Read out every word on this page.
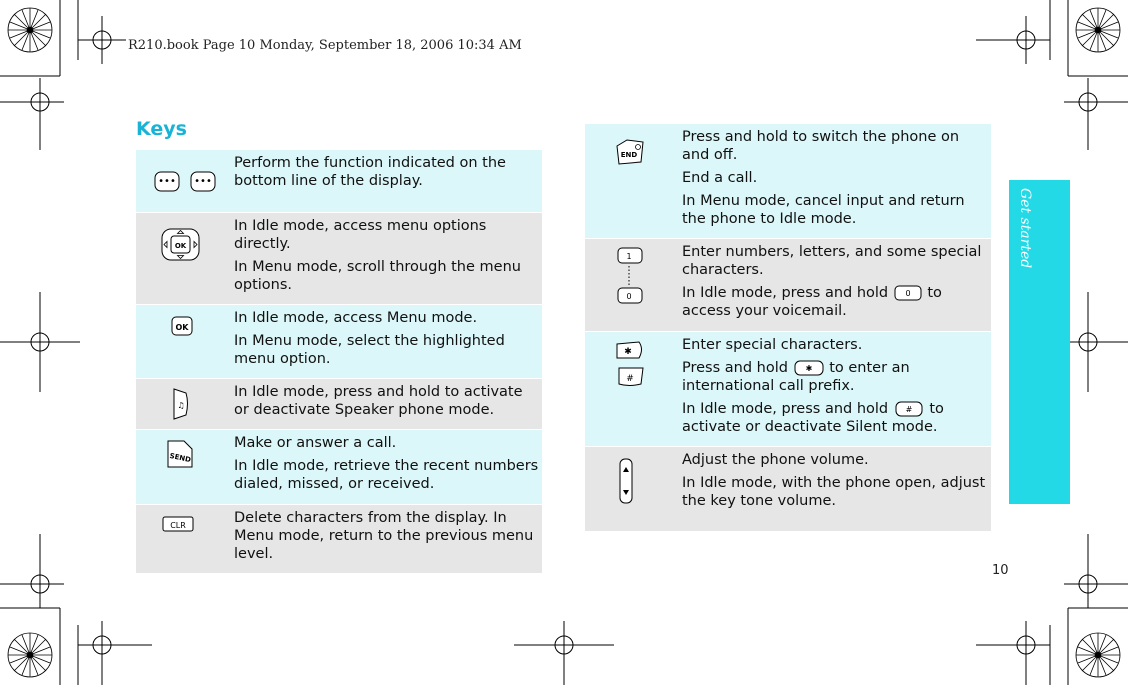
R210.book Page 10 Monday, September 18, 2006 10:34 AM
Keys
••• •••

Perform the function indicated on the bottom line of the display.

OK

In Idle mode, access menu options directly.

In Menu mode, scroll through the menu options.

OK

In Idle mode, access Menu mode.

In Menu mode, select the highlighted menu option.

♫

In Idle mode, press and hold to activate or deactivate Speaker phone mode.

SEND

Make or answer a call.

In Idle mode, retrieve the recent numbers dialed, missed, or received.

CLR	Delete characters from the display. In Menu mode, return to the previous menu level.

END

Press and hold to switch the phone on and off.

End a call.

In Menu mode, cancel input and return the phone to Idle mode.

1
0

Enter numbers, letters, and some special characters.

In Idle mode, press and hold 0 to access your voicemail.

✱
#

Enter special characters.

Press and hold ✱ to enter an international call prefix.

In Idle mode, press and hold # to activate or deactivate Silent mode.

Adjust the phone volume.

In Idle mode, with the phone open, adjust the key tone volume.

Get started
10
